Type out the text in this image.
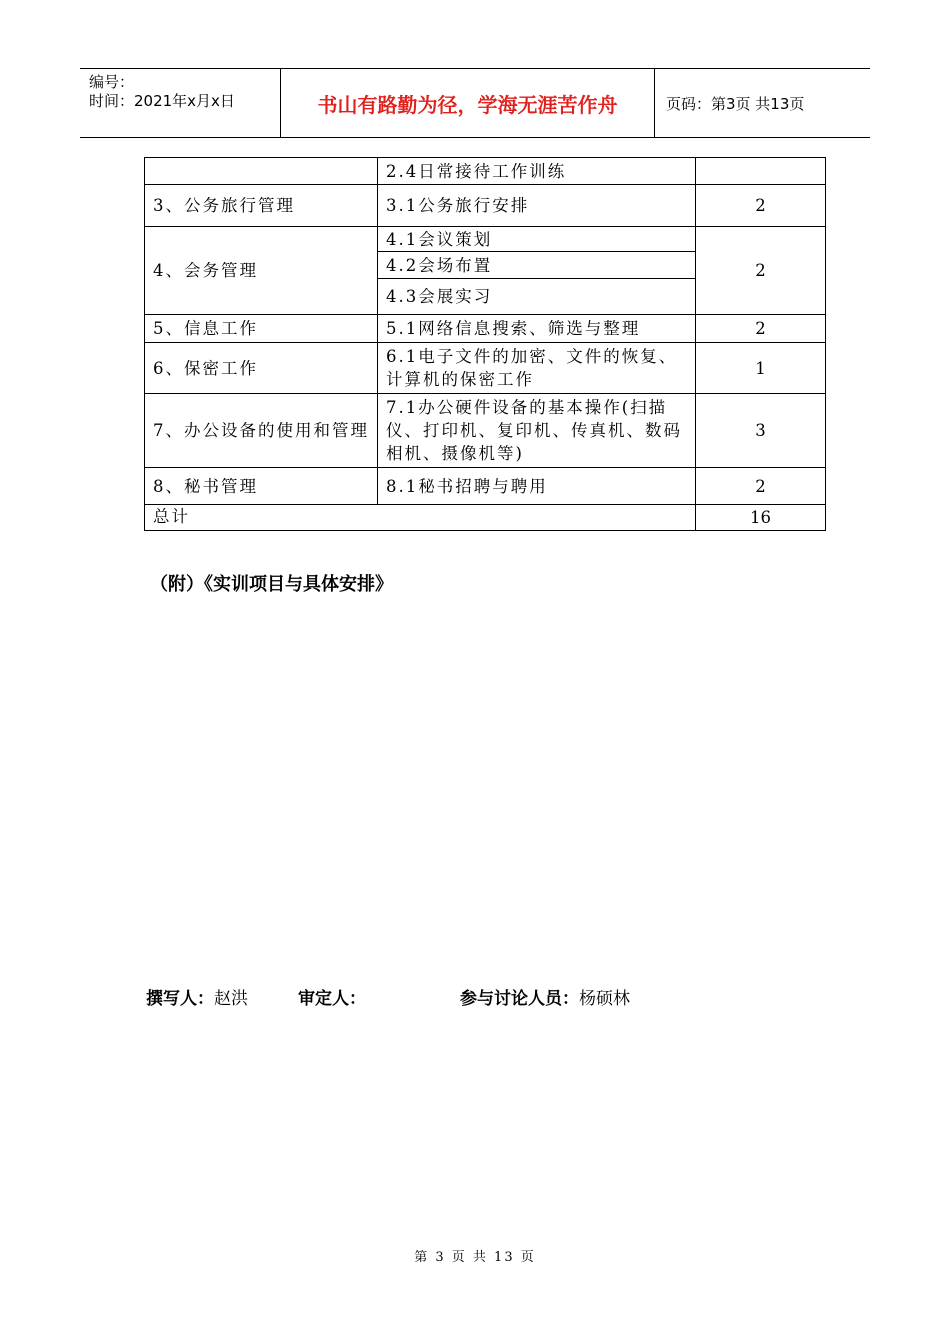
编号：
时间：2021年x月x日	书山有路勤为径，学海无涯苦作舟	页码：第3页 共13页
	2.4日常接待工作训练	
3、公务旅行管理	3.1公务旅行安排	2
4、会务管理	4.1会议策划	2
	4.2会场布置	
	4.3会展实习	
5、信息工作	5.1网络信息搜索、筛选与整理	2
6、保密工作	6.1电子文件的加密、文件的恢复、计算机的保密工作	1
7、办公设备的使用和管理	7.1办公硬件设备的基本操作(扫描仪、打印机、复印机、传真机、数码相机、摄像机等)	3
8、秘书管理	8.1秘书招聘与聘用	2
总计		16
（附）《实训项目与具体安排》
撰写人：赵洪	审定人：	参与讨论人员：杨硕林
第 3 页 共 13 页
